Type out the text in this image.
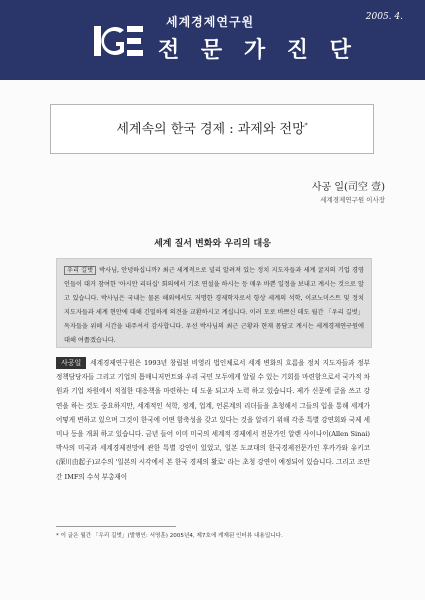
세계경제연구원
전 문 가 진 단
2005. 4.
세계속의 한국 경제 : 과제와 전망*
사공 일(司空 壹)
세계경제연구원 이사장
세계 질서 변화와 우리의 대응
우리 길벗 박사님, 안녕하십니까? 최근 세계적으로 널리 알려져 있는 정치 지도자들과 세계 굴지의 기업 경영인들이 대거 참여한 '아시안 리더십' 회의에서 기조 연설을 하시는 등 매우 바쁜 일정을 보내고 계시는 것으로 알고 있습니다. 박사님은 국내는 물론 해외에서도 저명한 경제학자로서 항상 세계의 석학, 이코노미스트 및 정치 지도자들과 세계 현안에 대해 긴밀하게 의견을 교환하시고 계십니다. 이러 모로 바쁘신 데도 월간 「우리 길벗」 독자들을 위해 시간을 내주셔서 감사합니다. 우선 박사님의 최근 근황과 현재 몸담고 계시는 세계경제연구원에 대해 여쭙겠습니다.
사공일 세계경제연구원은 1993년 창립된 비영리 법인체로서 세계 변화의 흐름을 정치 지도자들과 정부정책담당자들 그리고 기업의 톱매니저먼트와 우리 국민 모두에게 알릴 수 있는 기회를 마련함으로서 국가적 차원과 기업 차원에서 적절한 대응책을 마련하는 데 도움 되고자 노력 하고 있습니다. 제가 신문에 글을 쓰고 강연을 하는 것도 중요하지만, 세계적인 석학, 정계, 업계, 언론계의 리더들을 초청해서 그들의 입을 통해 세계가 어떻게 변하고 있으며 그것이 한국에 어떤 함축성을 갖고 있다는 것을 알리기 위해 각종 특별 강연회와 국제 세미나 등을 개최 하고 있습니다. 금년 들어 이미 미국의 세계적 경제에서 전문가인 알렌 사이나이(Allen Sinai)박사의 미국과 세계경제전망에 관한 특별 강연이 있었고, 일본 도쿄대의 한국경제전문가인 후카가와 유키코(深川由起子)교수의 '일본의 시각에서 본 한국 경제의 활로' 라는 초청 강연이 예정되어 있습니다. 그리고 조만간 IMF의 수석 부총재이
* 이 글은 월간 「우리 길벗」(발행인: 서영훈) 2005년4, 제7호에 게재된 인터뷰 내용입니다.
